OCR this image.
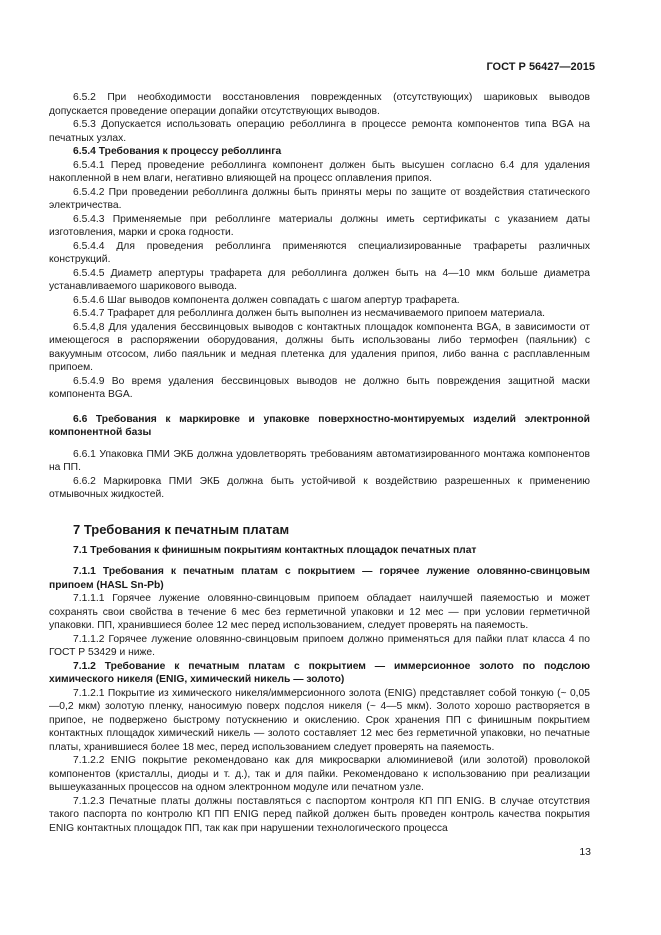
ГОСТ Р 56427—2015

6.5.2 При необходимости восстановления поврежденных (отсутствующих) шариковых выводов допускается проведение операции допайки отсутствующих выводов.

6.5.3 Допускается использовать операцию реболлинга в процессе ремонта компонентов типа BGA на печатных узлах.

6.5.4 Требования к процессу реболлинга

6.5.4.1 Перед проведение реболлинга компонент должен быть высушен согласно 6.4 для удаления накопленной в нем влаги, негативно влияющей на процесс оплавления припоя.

6.5.4.2 При проведении реболлинга должны быть приняты меры по защите от воздействия статического электричества.

6.5.4.3 Применяемые при реболлинге материалы должны иметь сертификаты с указанием даты изготовления, марки и срока годности.

6.5.4.4 Для проведения реболлинга применяются специализированные трафареты различных конструкций.

6.5.4.5 Диаметр апертуры трафарета для реболлинга должен быть на 4—10 мкм больше диаметра устанавливаемого шарикового вывода.

6.5.4.6 Шаг выводов компонента должен совпадать с шагом апертур трафарета.

6.5.4.7 Трафарет для реболлинга должен быть выполнен из несмачиваемого припоем материала.

6.5.4,8 Для удаления бессвинцовых выводов с контактных площадок компонента BGA, в зависимости от имеющегося в распоряжении оборудования, должны быть использованы либо термофен (паяльник) с вакуумным отсосом, либо паяльник и медная плетенка для удаления припоя, либо ванна с расплавленным припоем.

6.5.4.9 Во время удаления бессвинцовых выводов не должно быть повреждения защитной маски компонента BGA.

6.6 Требования к маркировке и упаковке поверхностно-монтируемых изделий электронной компонентной базы

6.6.1 Упаковка ПМИ ЭКБ должна удовлетворять требованиям автоматизированного монтажа компонентов на ПП.

6.6.2 Маркировка ПМИ ЭКБ должна быть устойчивой к воздействию разрешенных к применению отмывочных жидкостей.

7 Требования к печатным платам

7.1 Требования к финишным покрытиям контактных площадок печатных плат

7.1.1 Требования к печатным платам с покрытием — горячее лужение оловянно-свинцовым припоем (HASL Sn-Pb)

7.1.1.1 Горячее лужение оловянно-свинцовым припоем обладает наилучшей паяемостью и может сохранять свои свойства в течение 6 мес без герметичной упаковки и 12 мес — при условии герметичной упаковки. ПП, хранившиеся более 12 мес перед использованием, следует проверять на паяемость.

7.1.1.2 Горячее лужение оловянно-свинцовым припоем должно применяться для пайки плат класса 4 по ГОСТ Р 53429 и ниже.

7.1.2 Требование к печатным платам с покрытием — иммерсионное золото по подслою химического никеля (ENIG, химический никель — золото)

7.1.2.1 Покрытие из химического никеля/иммерсионного золота (ENIG) представляет собой тонкую (~ 0,05—0,2 мкм) золотую пленку, наносимую поверх подслоя никеля (~ 4—5 мкм). Золото хорошо растворяется в припое, не подвержено быстрому потускнению и окислению. Срок хранения ПП с финишным покрытием контактных площадок химический никель — золото составляет 12 мес без герметичной упаковки, но печатные платы, хранившиеся более 18 мес, перед использованием следует проверять на паяемость.

7.1.2.2 ENIG покрытие рекомендовано как для микросварки алюминиевой (или золотой) проволокой компонентов (кристаллы, диоды и т. д.), так и для пайки. Рекомендовано к использованию при реализации вышеуказанных процессов на одном электронном модуле или печатном узле.

7.1.2.3 Печатные платы должны поставляться с паспортом контроля КП ПП ENIG. В случае отсутствия такого паспорта по контролю КП ПП ENIG перед пайкой должен быть проведен контроль качества покрытия ENIG контактных площадок ПП, так как при нарушении технологического процесса

13
